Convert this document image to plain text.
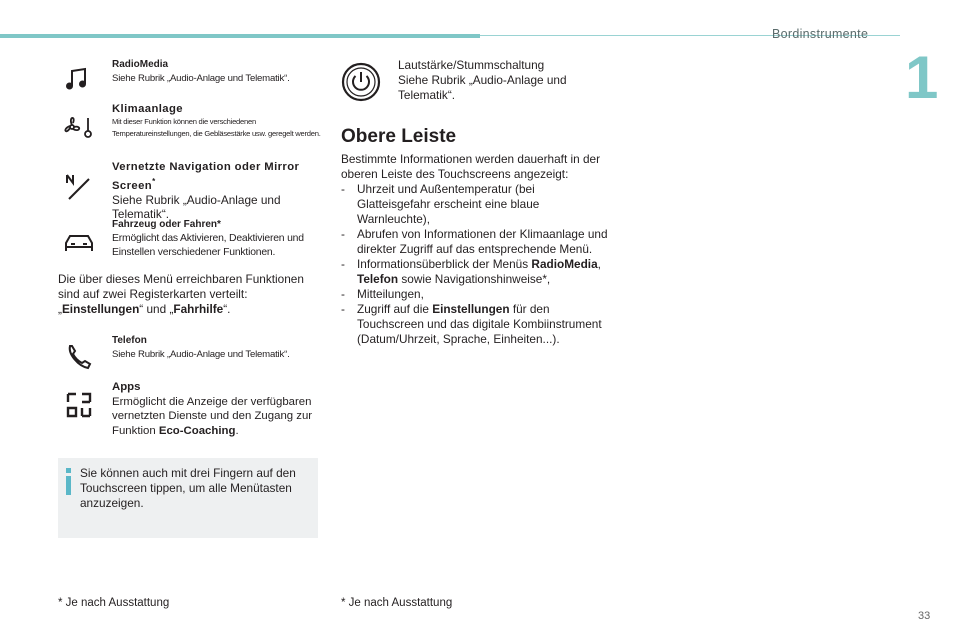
Bordinstrumente
1
RadioMedia
Siehe Rubrik „Audio-Anlage und Telematik“.
Klimaanlage
Mit dieser Funktion können die verschiedenen Temperatureinstellungen, die Gebläsestärke usw. geregelt werden.
Vernetzte Navigation oder Mirror Screen*
Siehe Rubrik „Audio-Anlage und Telematik“.
Fahrzeug oder Fahren*
Ermöglicht das Aktivieren, Deaktivieren und Einstellen verschiedener Funktionen.
Die über dieses Menü erreichbaren Funktionen sind auf zwei Registerkarten verteilt: „Einstellungen“ und „Fahrhilfe“.
Telefon
Siehe Rubrik „Audio-Anlage und Telematik“.
Apps
Ermöglicht die Anzeige der verfügbaren vernetzten Dienste und den Zugang zur Funktion Eco-Coaching.
Sie können auch mit drei Fingern auf den Touchscreen tippen, um alle Menütasten anzuzeigen.
* Je nach Ausstattung
Lautstärke/Stummschaltung
Siehe Rubrik „Audio-Anlage und Telematik“.
Obere Leiste
Bestimmte Informationen werden dauerhaft in der oberen Leiste des Touchscreens angezeigt:
- Uhrzeit und Außentemperatur (bei Glatteisgefahr erscheint eine blaue Warnleuchte),
- Abrufen von Informationen der Klimaanlage und direkter Zugriff auf das entsprechende Menü.
- Informationsüberblick der Menüs RadioMedia, Telefon sowie Navigationshinweise*,
- Mitteilungen,
- Zugriff auf die Einstellungen für den Touchscreen und das digitale Kombiinstrument (Datum/Uhrzeit, Sprache, Einheiten...).
* Je nach Ausstattung
33
